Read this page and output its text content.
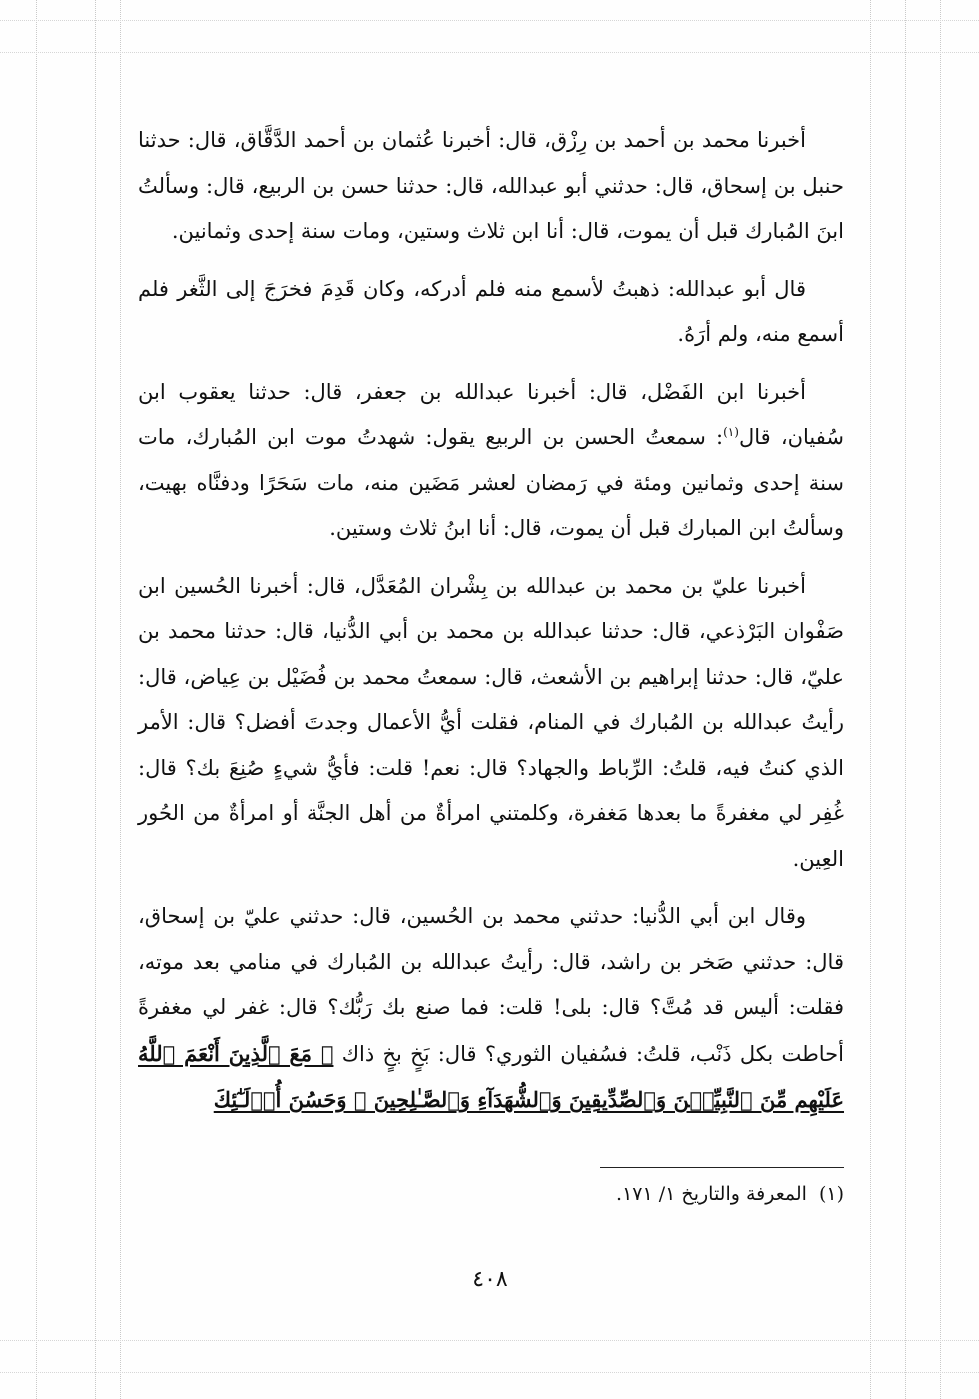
أخبرنا محمد بن أحمد بن رِزْق، قال: أخبرنا عُثمان بن أحمد الدَّقَّاق، قال: حدثنا حنبل بن إسحاق، قال: حدثني أبو عبدالله، قال: حدثنا حسن بن الربيع، قال: وسألتُ ابنَ المُبارك قبل أن يموت، قال: أنا ابن ثلاث وستين، ومات سنة إحدى وثمانين.

قال أبو عبدالله: ذهبتُ لأسمع منه فلم أدركه، وكان قَدِمَ فخرَجَ إلى الثَّغر فلم أسمع منه، ولم أرَهُ.

أخبرنا ابن الفَضْل، قال: أخبرنا عبدالله بن جعفر، قال: حدثنا يعقوب ابن سُفيان، قال$^{(١)}$: سمعتُ الحسن بن الربيع يقول: شهدتُ موت ابن المُبارك، مات سنة إحدى وثمانين ومئة في رَمضان لعشر مَضَين منه، مات سَحَرًا ودفنَّاه بهيت، وسألتُ ابن المبارك قبل أن يموت، قال: أنا ابنُ ثلاث وستين.

أخبرنا عليّ بن محمد بن عبدالله بن بِشْران المُعَدَّل، قال: أخبرنا الحُسين ابن صَفْوان البَرْذعي، قال: حدثنا عبدالله بن محمد بن أبي الدُّنيا، قال: حدثنا محمد بن عليّ، قال: حدثنا إبراهيم بن الأشعث، قال: سمعتُ محمد بن فُضَيْل بن عِياض، قال: رأيتُ عبدالله بن المُبارك في المنام، فقلت أيُّ الأعمال وجدتَ أفضل؟ قال: الأمر الذي كنتُ فيه، قلتُ: الرِّباط والجهاد؟ قال: نعم! قلت: فأيُّ شيءٍ صُنِعَ بك؟ قال: غُفِر لي مغفرةً ما بعدها مَغفرة، وكلمتني امرأةٌ من أهل الجنَّة أو امرأةٌ من الحُور العِين.

وقال ابن أبي الدُّنيا: حدثني محمد بن الحُسين، قال: حدثني عليّ بن إسحاق، قال: حدثني صَخر بن راشد، قال: رأيتُ عبدالله بن المُبارك في منامي بعد موته، فقلت: أليس قد مُتَّ؟ قال: بلى! قلت: فما صنع بك رَبُّك؟ قال: غفر لي مغفرةً أحاطت بكل ذَنْب، قلتُ: فسُفيان الثوري؟ قال: بَخٍ بخٍ ذاك ﴿ مَعَ ٱلَّذِينَ أَنْعَمَ ٱللَّهُ عَلَيْهِم مِّنَ ٱلنَّبِيِّـۧنَ وَٱلصِّدِّيقِينَ وَٱلشُّهَدَآءِ وَٱلصَّـٰلِحِينَ ۚ وَحَسُنَ أُو۟لَـٰٓئِكَ

(١)المعرفة والتاريخ ١/ ١٧١.
٤٠٨
